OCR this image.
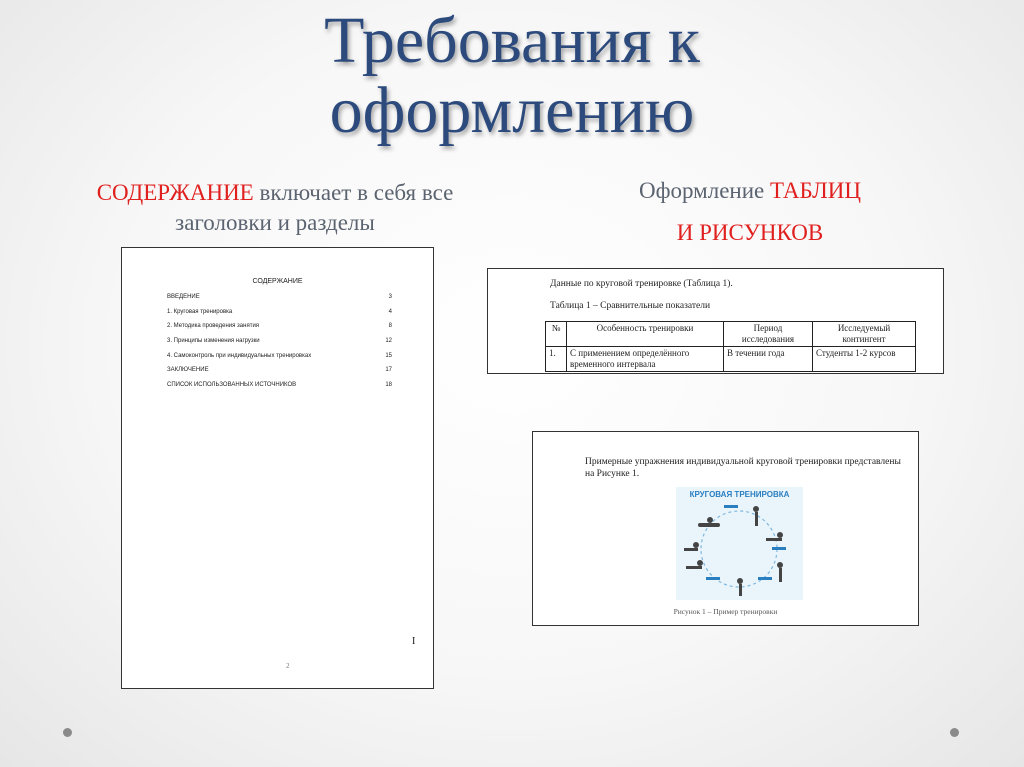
Требования к
оформлению
СОДЕРЖАНИЕ включает в себя все заголовки и разделы
Оформление ТАБЛИЦ
И РИСУНКОВ
СОДЕРЖАНИЕ
ВВЕДЕНИЕ	3
1. Круговая тренировка	4
2. Методика проведения занятия	8
3. Принципы изменения нагрузки	12
4. Самоконтроль при индивидуальных тренировках	15
ЗАКЛЮЧЕНИЕ	17
СПИСОК ИСПОЛЬЗОВАННЫХ ИСТОЧНИКОВ	18
I
2
Данные по круговой тренировке (Таблица 1).
Таблица 1 – Сравнительные показатели
№	Особенность тренировки	Период исследования	Исследуемый контингент
1.	С применением определённого временного интервала	В течении года	Студенты 1-2 курсов
Примерные упражнения индивидуальной круговой тренировки представлены на Рисунке 1.
КРУГОВАЯ ТРЕНИРОВКА
Рисунок 1 – Пример тренировки
